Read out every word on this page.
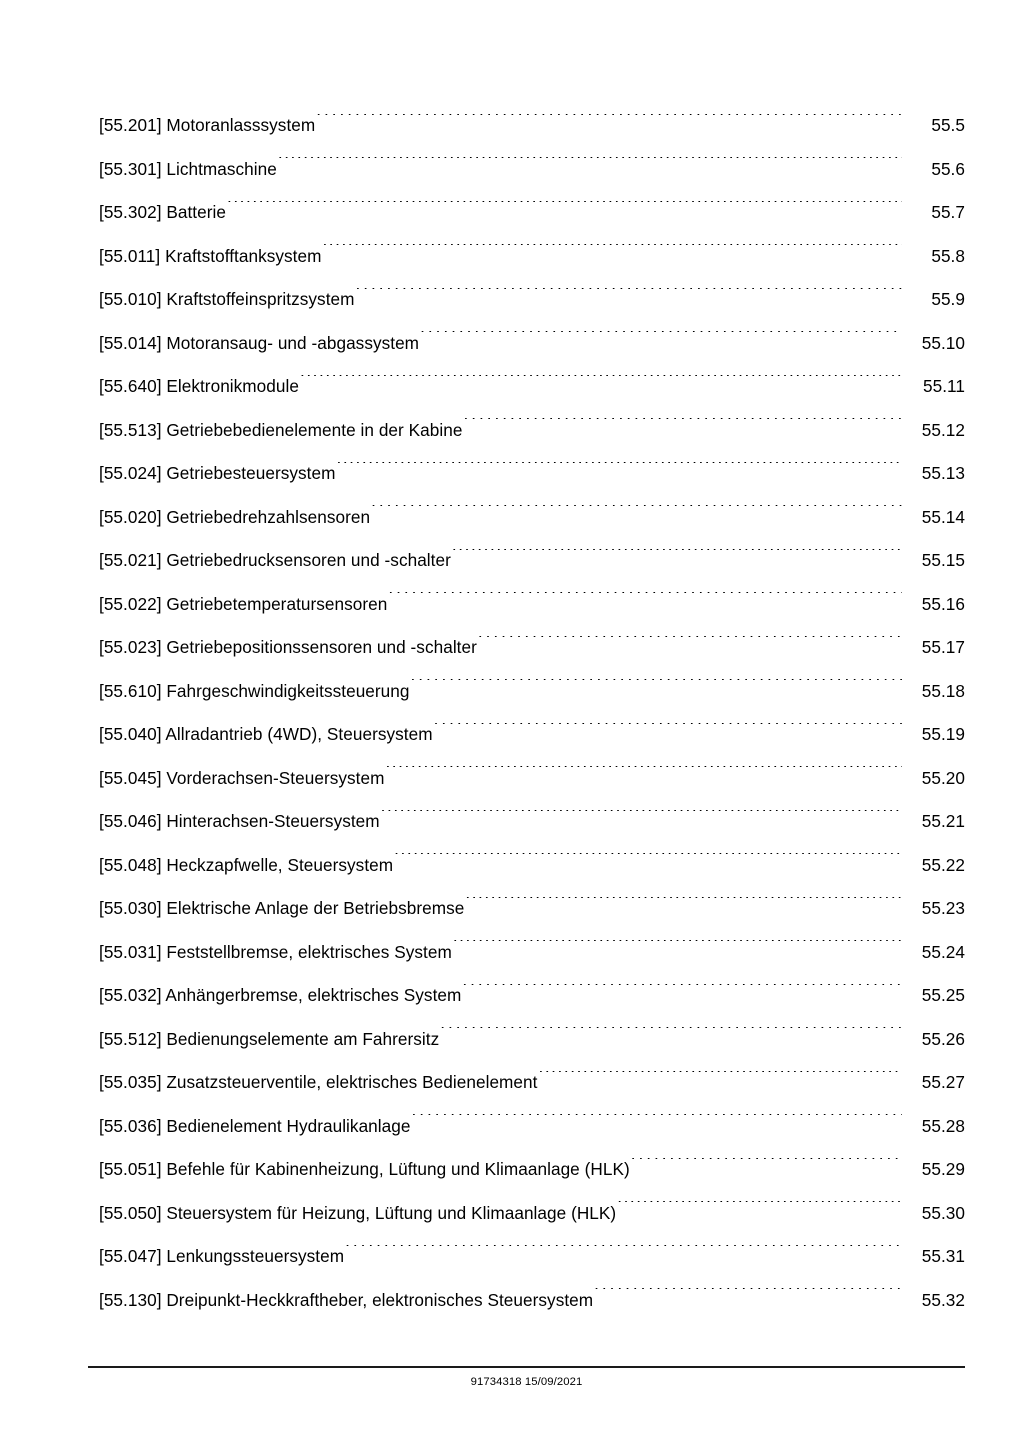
[55.201] Motoranlasssystem . . .	55.5
[55.301] Lichtmaschine . . .	55.6
[55.302] Batterie . . .	55.7
[55.011] Kraftstofftanksystem . . .	55.8
[55.010] Kraftstoffeinspritzsystem . . .	55.9
[55.014] Motoransaug- und -abgassystem . . .	55.10
[55.640] Elektronikmodule . . .	55.11
[55.513] Getriebebedienelemente in der Kabine . . .	55.12
[55.024] Getriebesteuersystem . . .	55.13
[55.020] Getriebedrehzahlsensoren . . .	55.14
[55.021] Getriebedrucksensoren und -schalter . . .	55.15
[55.022] Getriebetemperatursensoren . . .	55.16
[55.023] Getriebepositionssensoren und -schalter . . .	55.17
[55.610] Fahrgeschwindigkeitssteuerung . . .	55.18
[55.040] Allradantrieb (4WD), Steuersystem . . .	55.19
[55.045] Vorderachsen-Steuersystem . . .	55.20
[55.046] Hinterachsen-Steuersystem . . .	55.21
[55.048] Heckzapfwelle, Steuersystem . . .	55.22
[55.030] Elektrische Anlage der Betriebsbremse . . .	55.23
[55.031] Feststellbremse, elektrisches System . . .	55.24
[55.032] Anhängerbremse, elektrisches System . . .	55.25
[55.512] Bedienungselemente am Fahrersitz . . .	55.26
[55.035] Zusatzsteuerventile, elektrisches Bedienelement . . .	55.27
[55.036] Bedienelement Hydraulikanlage . . .	55.28
[55.051] Befehle für Kabinenheizung, Lüftung und Klimaanlage (HLK) . . .	55.29
[55.050] Steuersystem für Heizung, Lüftung und Klimaanlage (HLK) . . .	55.30
[55.047] Lenkungssteuersystem . . .	55.31
[55.130] Dreipunkt-Heckkraftheber, elektronisches Steuersystem . . .	55.32
91734318 15/09/2021
